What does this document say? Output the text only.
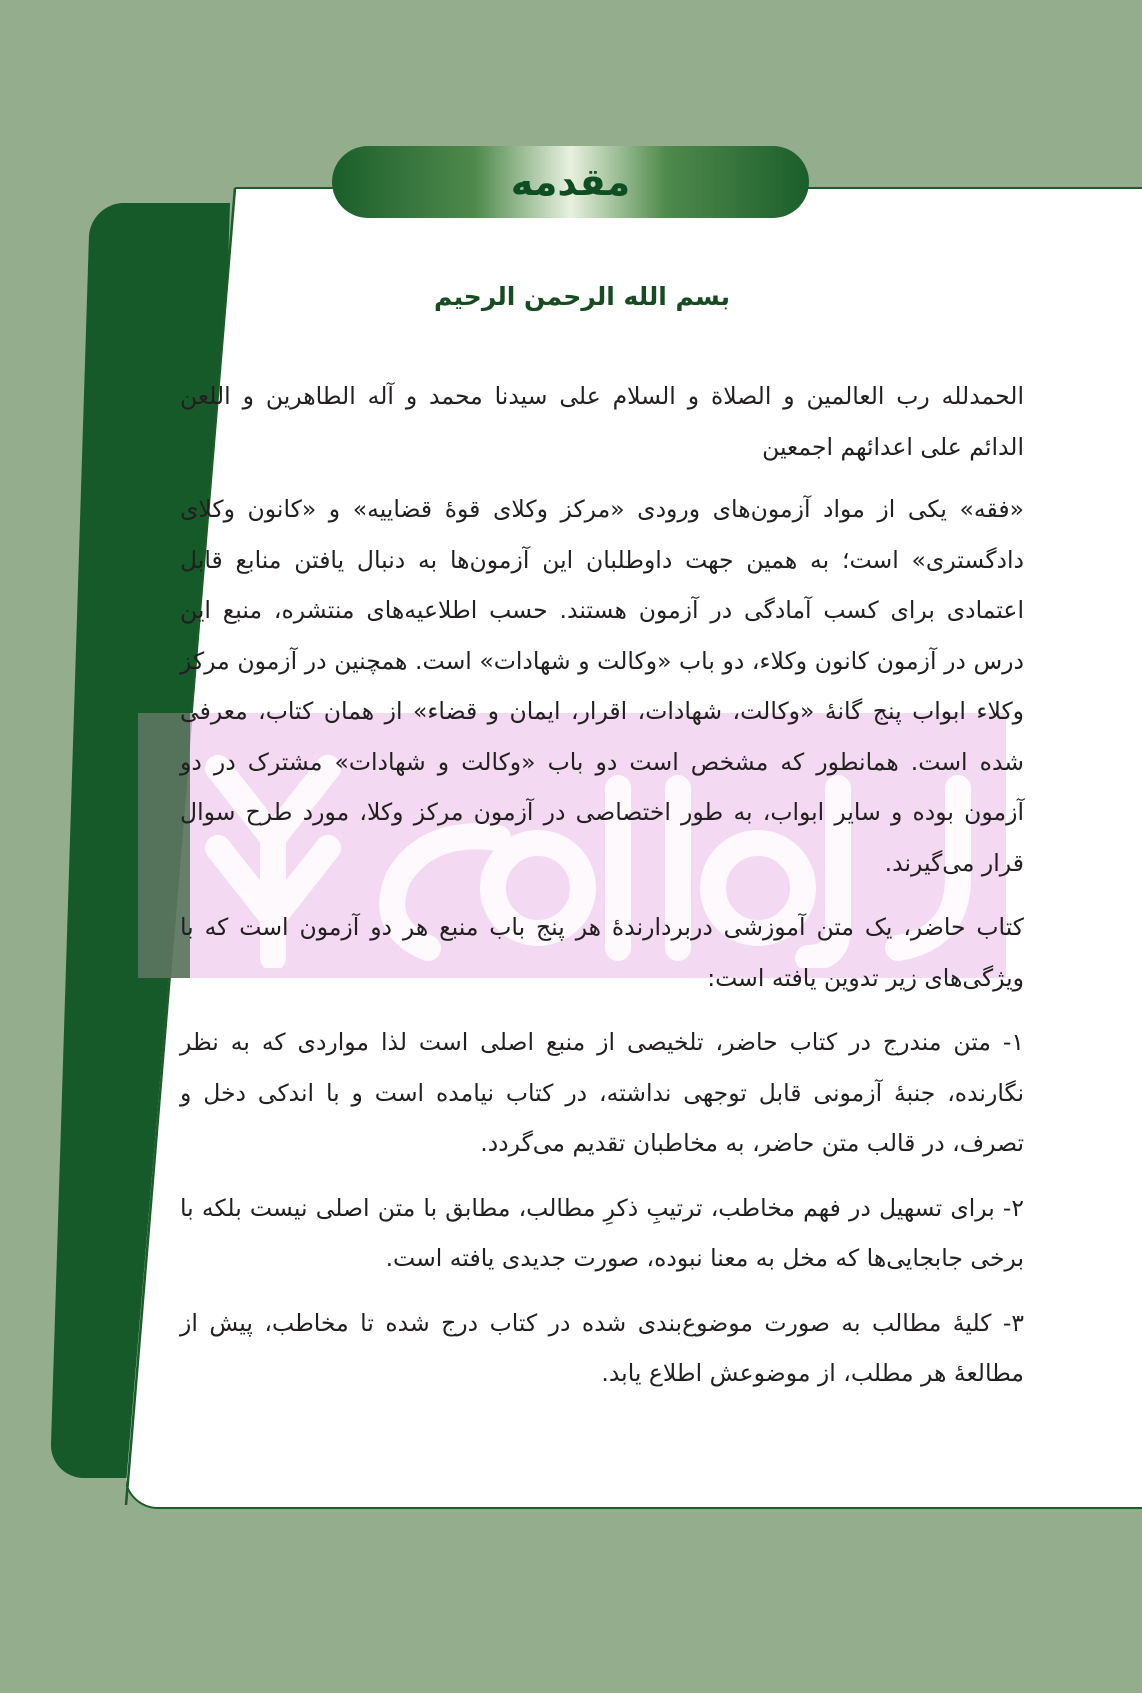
مقدمه
بسم الله الرحمن الرحیم

الحمدلله رب العالمین و الصلاة و السلام علی سیدنا محمد و آله الطاهرین و اللعن الدائم علی اعدائهم اجمعین

«فقه» یکی از مواد آزمون‌های ورودی «مرکز وکلای قوهٔ قضاییه» و «کانون وکلای دادگستری» است؛ به همین جهت داوطلبان این آزمون‌ها به دنبال یافتن منابع قابل اعتمادی برای کسب آمادگی در آزمون هستند. حسب اطلاعیه‌های منتشره، منبع این درس در آزمون کانون وکلاء، دو باب «وکالت و شهادات» است. همچنین در آزمون مرکز وکلاء ابواب پنج گانهٔ «وکالت، شهادات، اقرار، ایمان و قضاء» از همان کتاب، معرفی شده است. همانطور که مشخص است دو باب «وکالت و شهادات» مشترک در دو آزمون بوده و سایر ابواب، به طور اختصاصی در آزمون مرکز وکلا، مورد طرح سوال قرار می‌گیرند.

کتاب حاضر، یک متن آموزشی دربردارندهٔ هر پنج باب منبع هر دو آزمون است که با ویژگی‌های زیر تدوین یافته است:

۱- متن مندرج در کتاب حاضر، تلخیصی از منبع اصلی است لذا مواردی که به نظر نگارنده، جنبهٔ آزمونی قابل توجهی نداشته، در کتاب نیامده است و با اندکی دخل و تصرف، در قالب متن حاضر، به مخاطبان تقدیم می‌گردد.

۲- برای تسهیل در فهم مخاطب، ترتیبِ ذکرِ مطالب، مطابق با متن اصلی نیست بلکه با برخی جابجایی‌ها که مخل به معنا نبوده، صورت جدیدی یافته است.

۳- کلیهٔ مطالب به صورت موضوع‌بندی شده در کتاب درج شده تا مخاطب، پیش از مطالعهٔ هر مطلب، از موضوعش اطلاع یابد.
